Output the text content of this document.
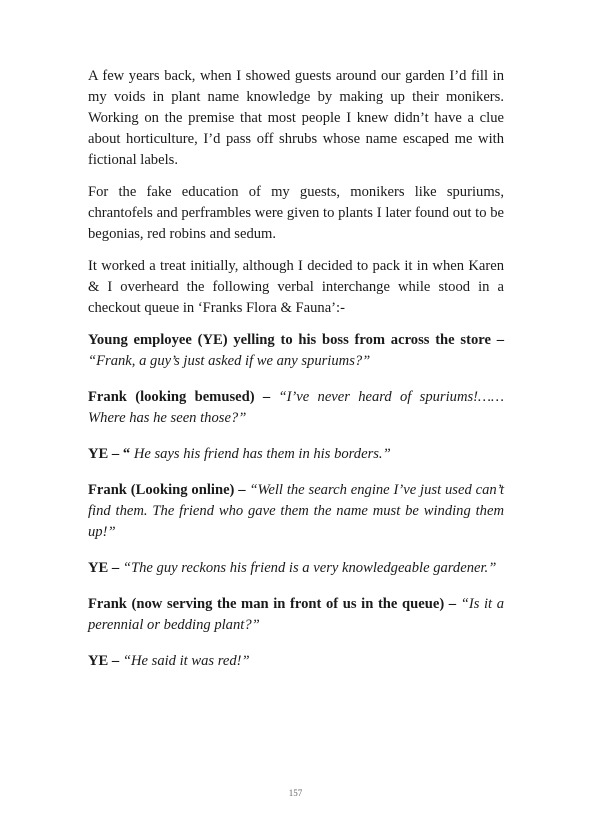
A few years back, when I showed guests around our garden I’d fill in my voids in plant name knowledge by making up their monikers. Working on the premise that most people I knew didn’t have a clue about horticulture, I’d pass off shrubs whose name escaped me with fictional labels.

For the fake education of my guests, monikers like spuriums, chrantofels and perframbles were given to plants I later found out to be begonias, red robins and sedum.

It worked a treat initially, although I decided to pack it in when Karen & I overheard the following verbal interchange while stood in a checkout queue in ‘Franks Flora & Fauna’:-

Young employee (YE) yelling to his boss from across the store – “Frank, a guy’s just asked if we any spuriums?”

Frank (looking bemused) – “I’ve never heard of spuriums!…… Where has he seen those?”

YE – “ He says his friend has them in his borders.”

Frank (Looking online) – “Well the search engine I’ve just used can’t find them. The friend who gave them the name must be winding them up!”

YE – “The guy reckons his friend is a very knowledgeable gardener.”

Frank (now serving the man in front of us in the queue) – “Is it a perennial or bedding plant?”

YE – “He said it was red!”

157
